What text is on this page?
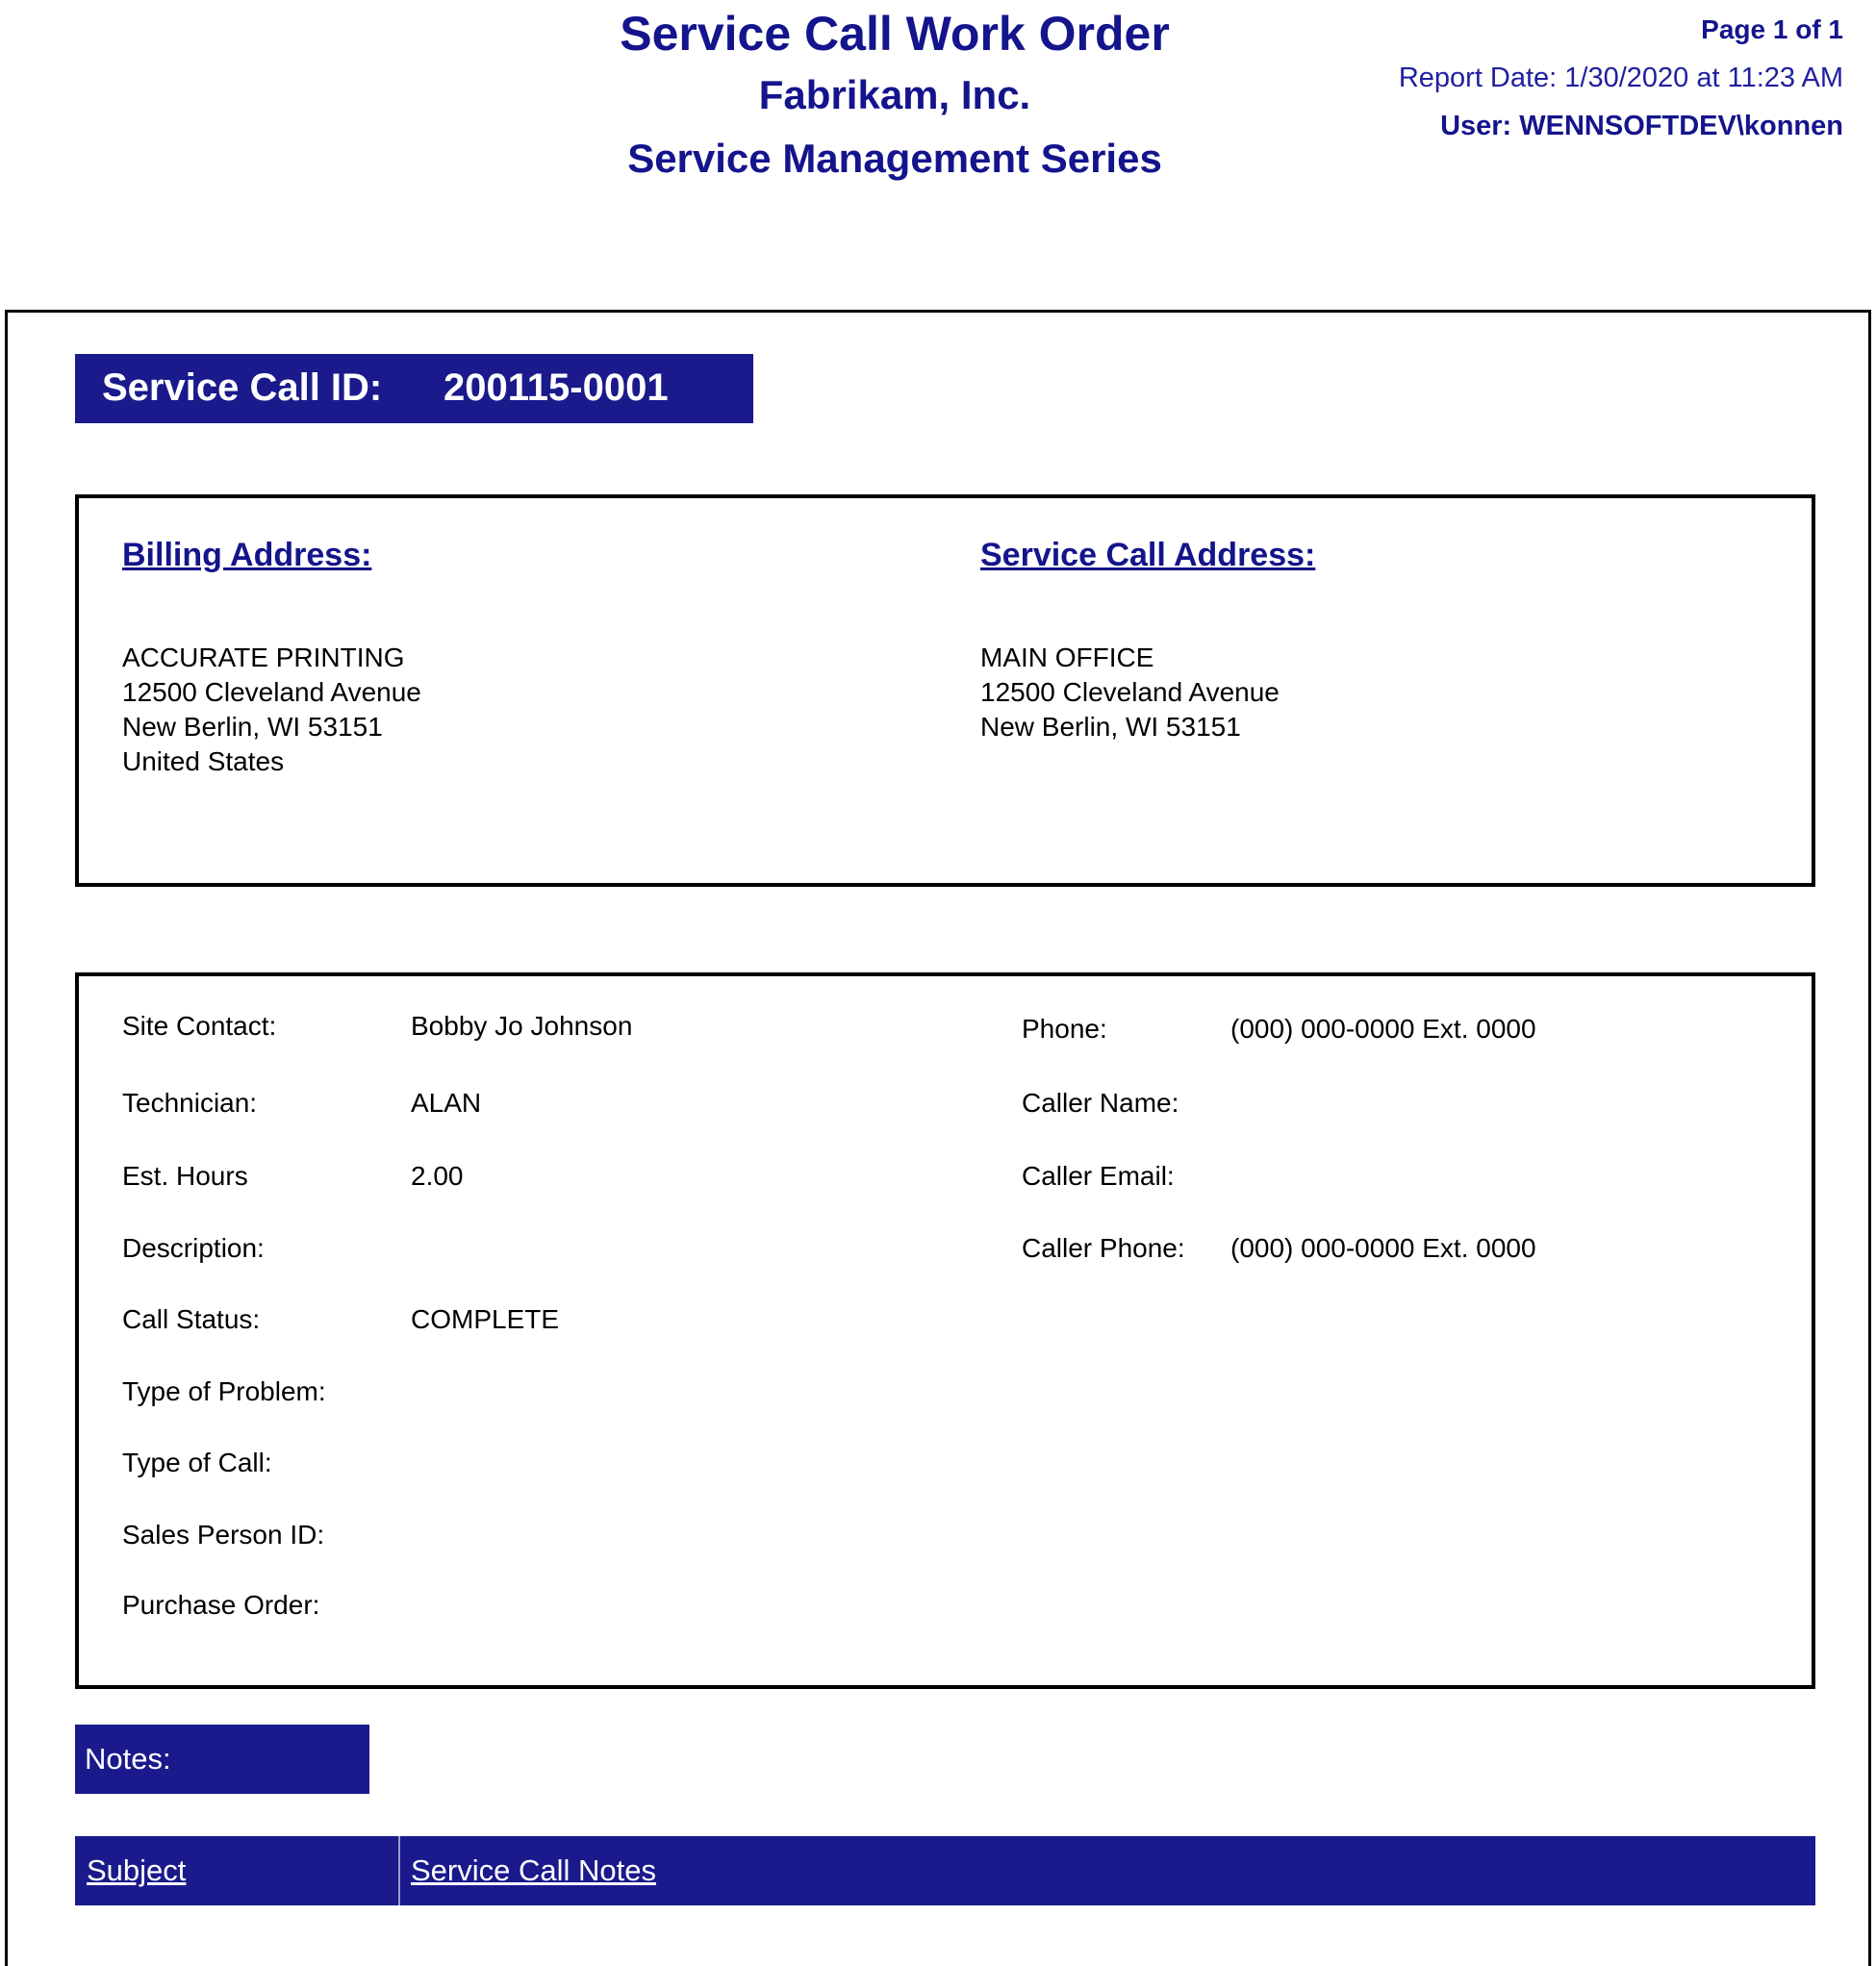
Service Call Work Order
Fabrikam, Inc.
Service Management Series
Page 1 of 1
Report Date: 1/30/2020 at 11:23 AM
User: WENNSOFTDEV\konnen
Service Call ID: 200115-0001
Billing Address:
ACCURATE PRINTING
12500 Cleveland Avenue
New Berlin, WI 53151
United States
Service Call Address:
MAIN OFFICE
12500 Cleveland Avenue
New Berlin, WI 53151
Site Contact:	Bobby Jo Johnson
Technician:	ALAN
Est. Hours	2.00
Description:
Call Status:	COMPLETE
Type of Problem:
Type of Call:
Sales Person ID:
Purchase Order:
Phone:	(000) 000-0000 Ext. 0000
Caller Name:
Caller Email:
Caller Phone: (000) 000-0000 Ext. 0000
Notes:
Subject	Service Call Notes
